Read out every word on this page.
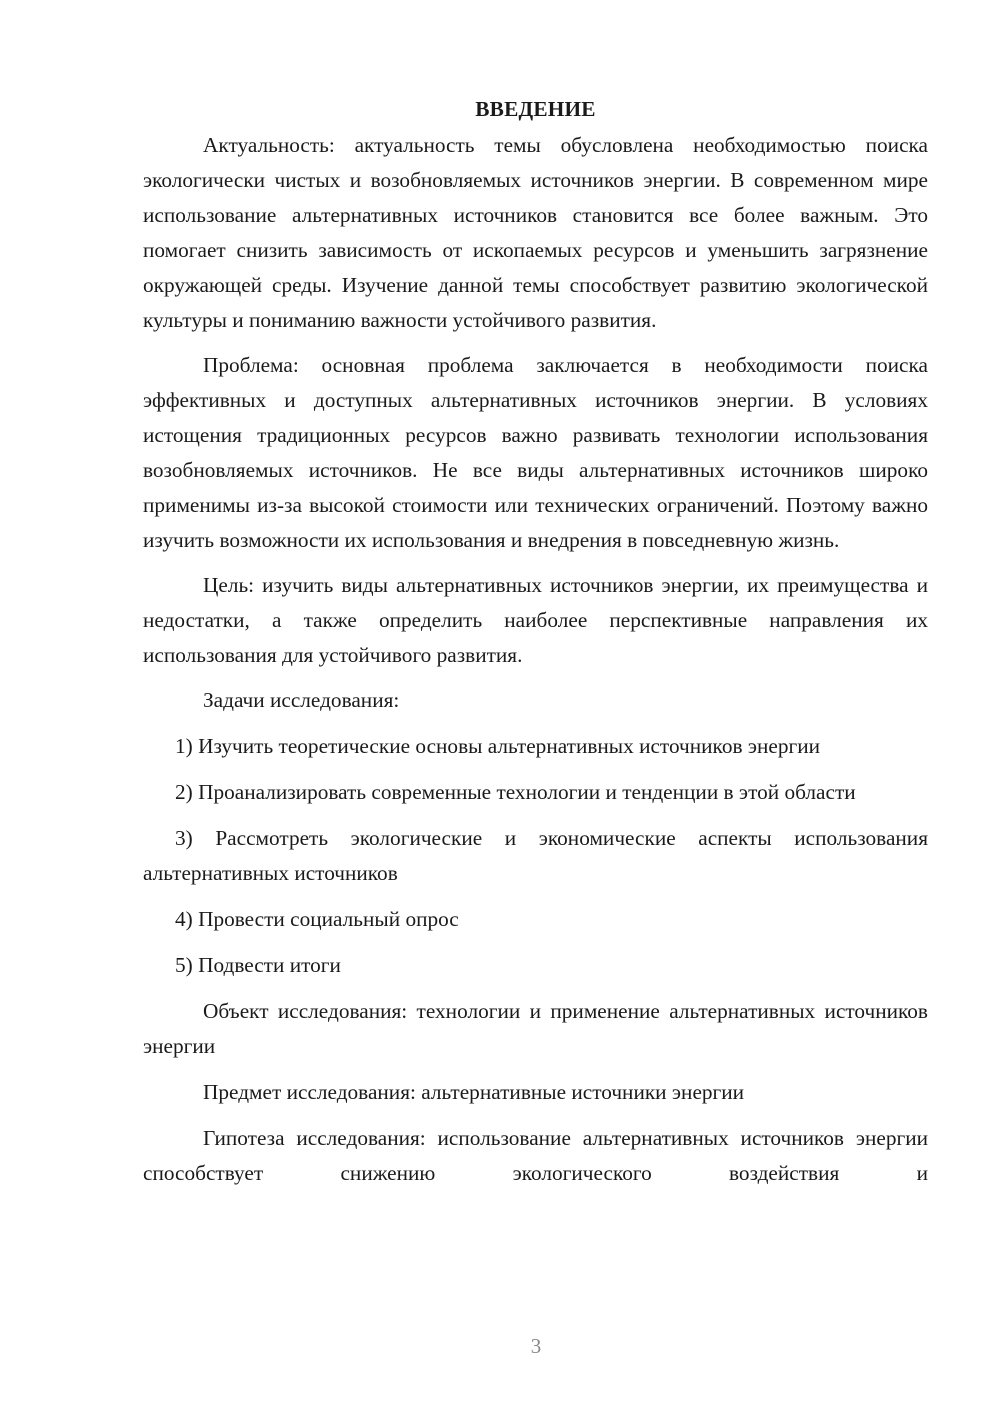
ВВЕДЕНИЕ

Актуальность: актуальность темы обусловлена необходимостью поиска экологически чистых и возобновляемых источников энергии. В современном мире использование альтернативных источников становится все более важным. Это помогает снизить зависимость от ископаемых ресурсов и уменьшить загрязнение окружающей среды. Изучение данной темы способствует развитию экологической культуры и пониманию важности устойчивого развития.

Проблема: основная проблема заключается в необходимости поиска эффективных и доступных альтернативных источников энергии. В условиях истощения традиционных ресурсов важно развивать технологии использования возобновляемых источников. Не все виды альтернативных источников широко применимы из-за высокой стоимости или технических ограничений. Поэтому важно изучить возможности их использования и внедрения в повседневную жизнь.

Цель: изучить виды альтернативных источников энергии, их преимущества и недостатки, а также определить наиболее перспективные направления их использования для устойчивого развития.

Задачи исследования:

1) Изучить теоретические основы альтернативных источников энергии

2) Проанализировать современные технологии и тенденции в этой области

3) Рассмотреть экологические и экономические аспекты использования альтернативных источников

4) Провести социальный опрос

5) Подвести итоги

Объект исследования: технологии и применение альтернативных источников энергии

Предмет исследования: альтернативные источники энергии

Гипотеза исследования: использование альтернативных источников энергии способствует снижению экологического воздействия и

3
